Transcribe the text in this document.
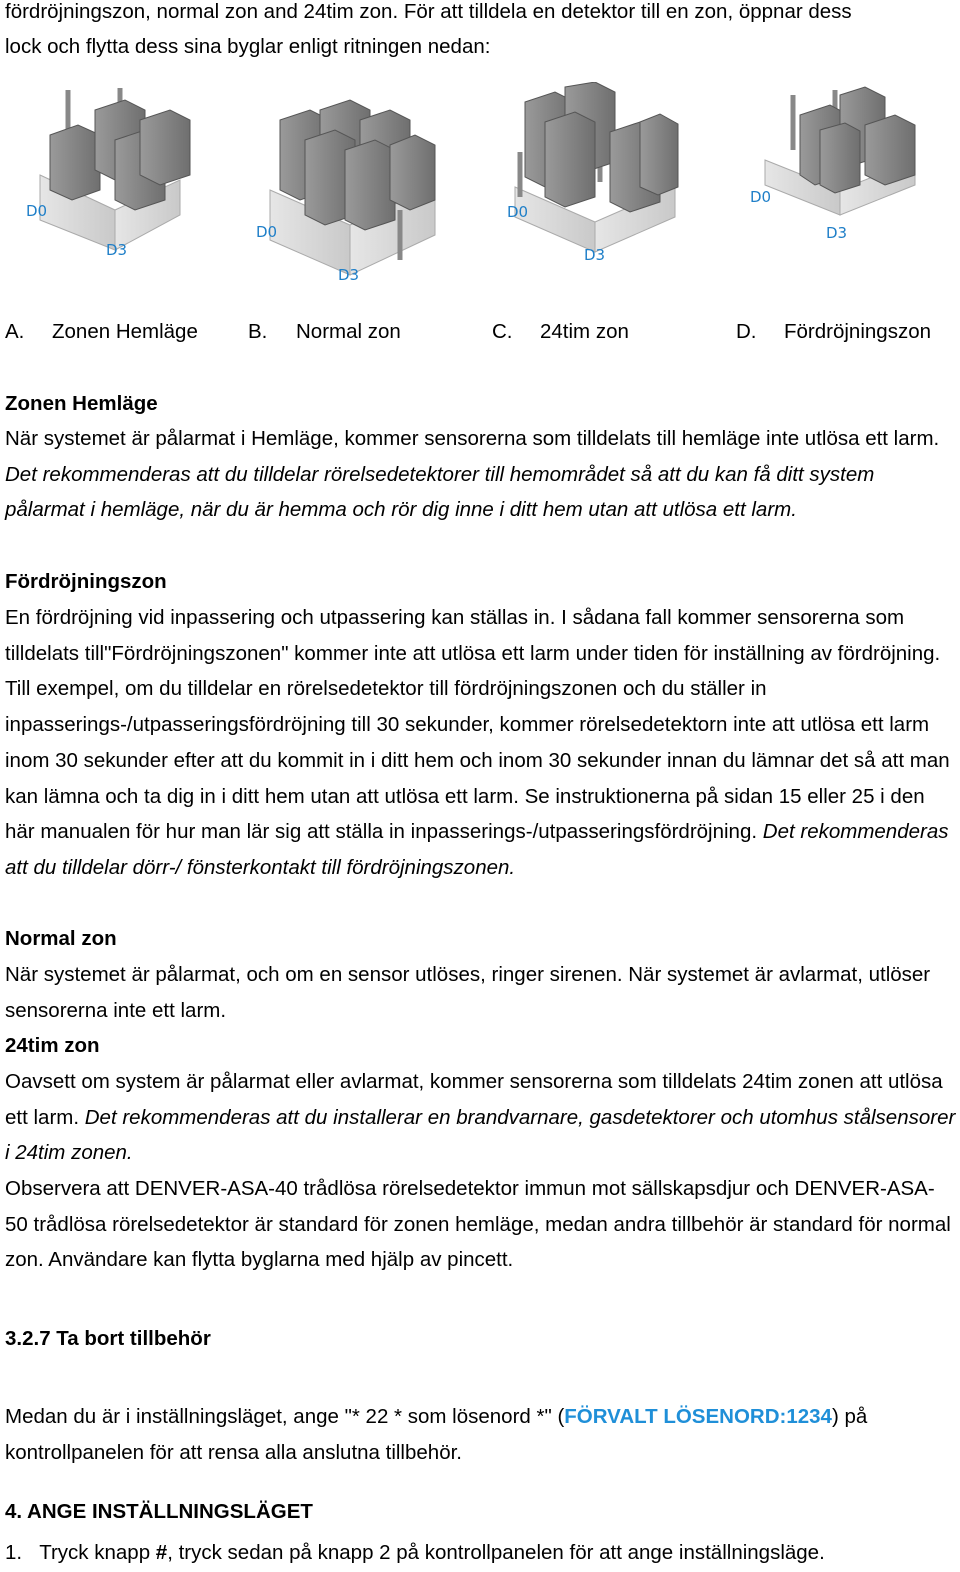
fördröjningszon, normal zon and 24tim zon. För att tilldela en detektor till en zon, öppnar dess

lock och flytta dess sina byglar enligt ritningen nedan:

D0
D3
D0
D3
D0
D3
D0
D3
A. Zonen Hemläge B. Normal zon	C. 24tim zon	D. Fördröjningszon

Zonen Hemläge

När systemet är pålarmat i Hemläge, kommer sensorerna som tilldelats till hemläge inte utlösa ett larm. Det rekommenderas att du tilldelar rörelsedetektorer till hemområdet så att du kan få ditt system pålarmat i hemläge, när du är hemma och rör dig inne i ditt hem utan att utlösa ett larm.

Fördröjningszon

En fördröjning vid inpassering och utpassering kan ställas in. I sådana fall kommer sensorerna som tilldelats till"Fördröjningszonen" kommer inte att utlösa ett larm under tiden för inställning av fördröjning. Till exempel, om du tilldelar en rörelsedetektor till fördröjningszonen och du ställer in inpasserings-/utpasseringsfördröjning till 30 sekunder, kommer rörelsedetektorn inte att utlösa ett larm inom 30 sekunder efter att du kommit in i ditt hem och inom 30 sekunder innan du lämnar det så att man kan lämna och ta dig in i ditt hem utan att utlösa ett larm. Se instruktionerna på sidan 15 eller 25 i den här manualen för hur man lär sig att ställa in inpasserings-/utpasseringsfördröjning. Det rekommenderas att du tilldelar dörr-/ fönsterkontakt till fördröjningszonen.

Normal zon

När systemet är pålarmat, och om en sensor utlöses, ringer sirenen. När systemet är avlarmat, utlöser sensorerna inte ett larm.

24tim zon

Oavsett om system är pålarmat eller avlarmat, kommer sensorerna som tilldelats 24tim zonen att utlösa ett larm. Det rekommenderas att du installerar en brandvarnare, gasdetektorer och utomhus stålsensorer i 24tim zonen.

Observera att DENVER-ASA-40 trådlösa rörelsedetektor immun mot sällskapsdjur och DENVER-ASA-50 trådlösa rörelsedetektor är standard för zonen hemläge, medan andra tillbehör är standard för normal zon. Användare kan flytta byglarna med hjälp av pincett.

3.2.7 Ta bort tillbehör

Medan du är i inställningsläget, ange "* 22 * som lösenord *" (FÖRVALT LÖSENORD:1234) på kontrollpanelen för att rensa alla anslutna tillbehör.

4. ANGE INSTÄLLNINGSLÄGET

1. Tryck knapp #, tryck sedan på knapp 2 på kontrollpanelen för att ange inställningsläge.
